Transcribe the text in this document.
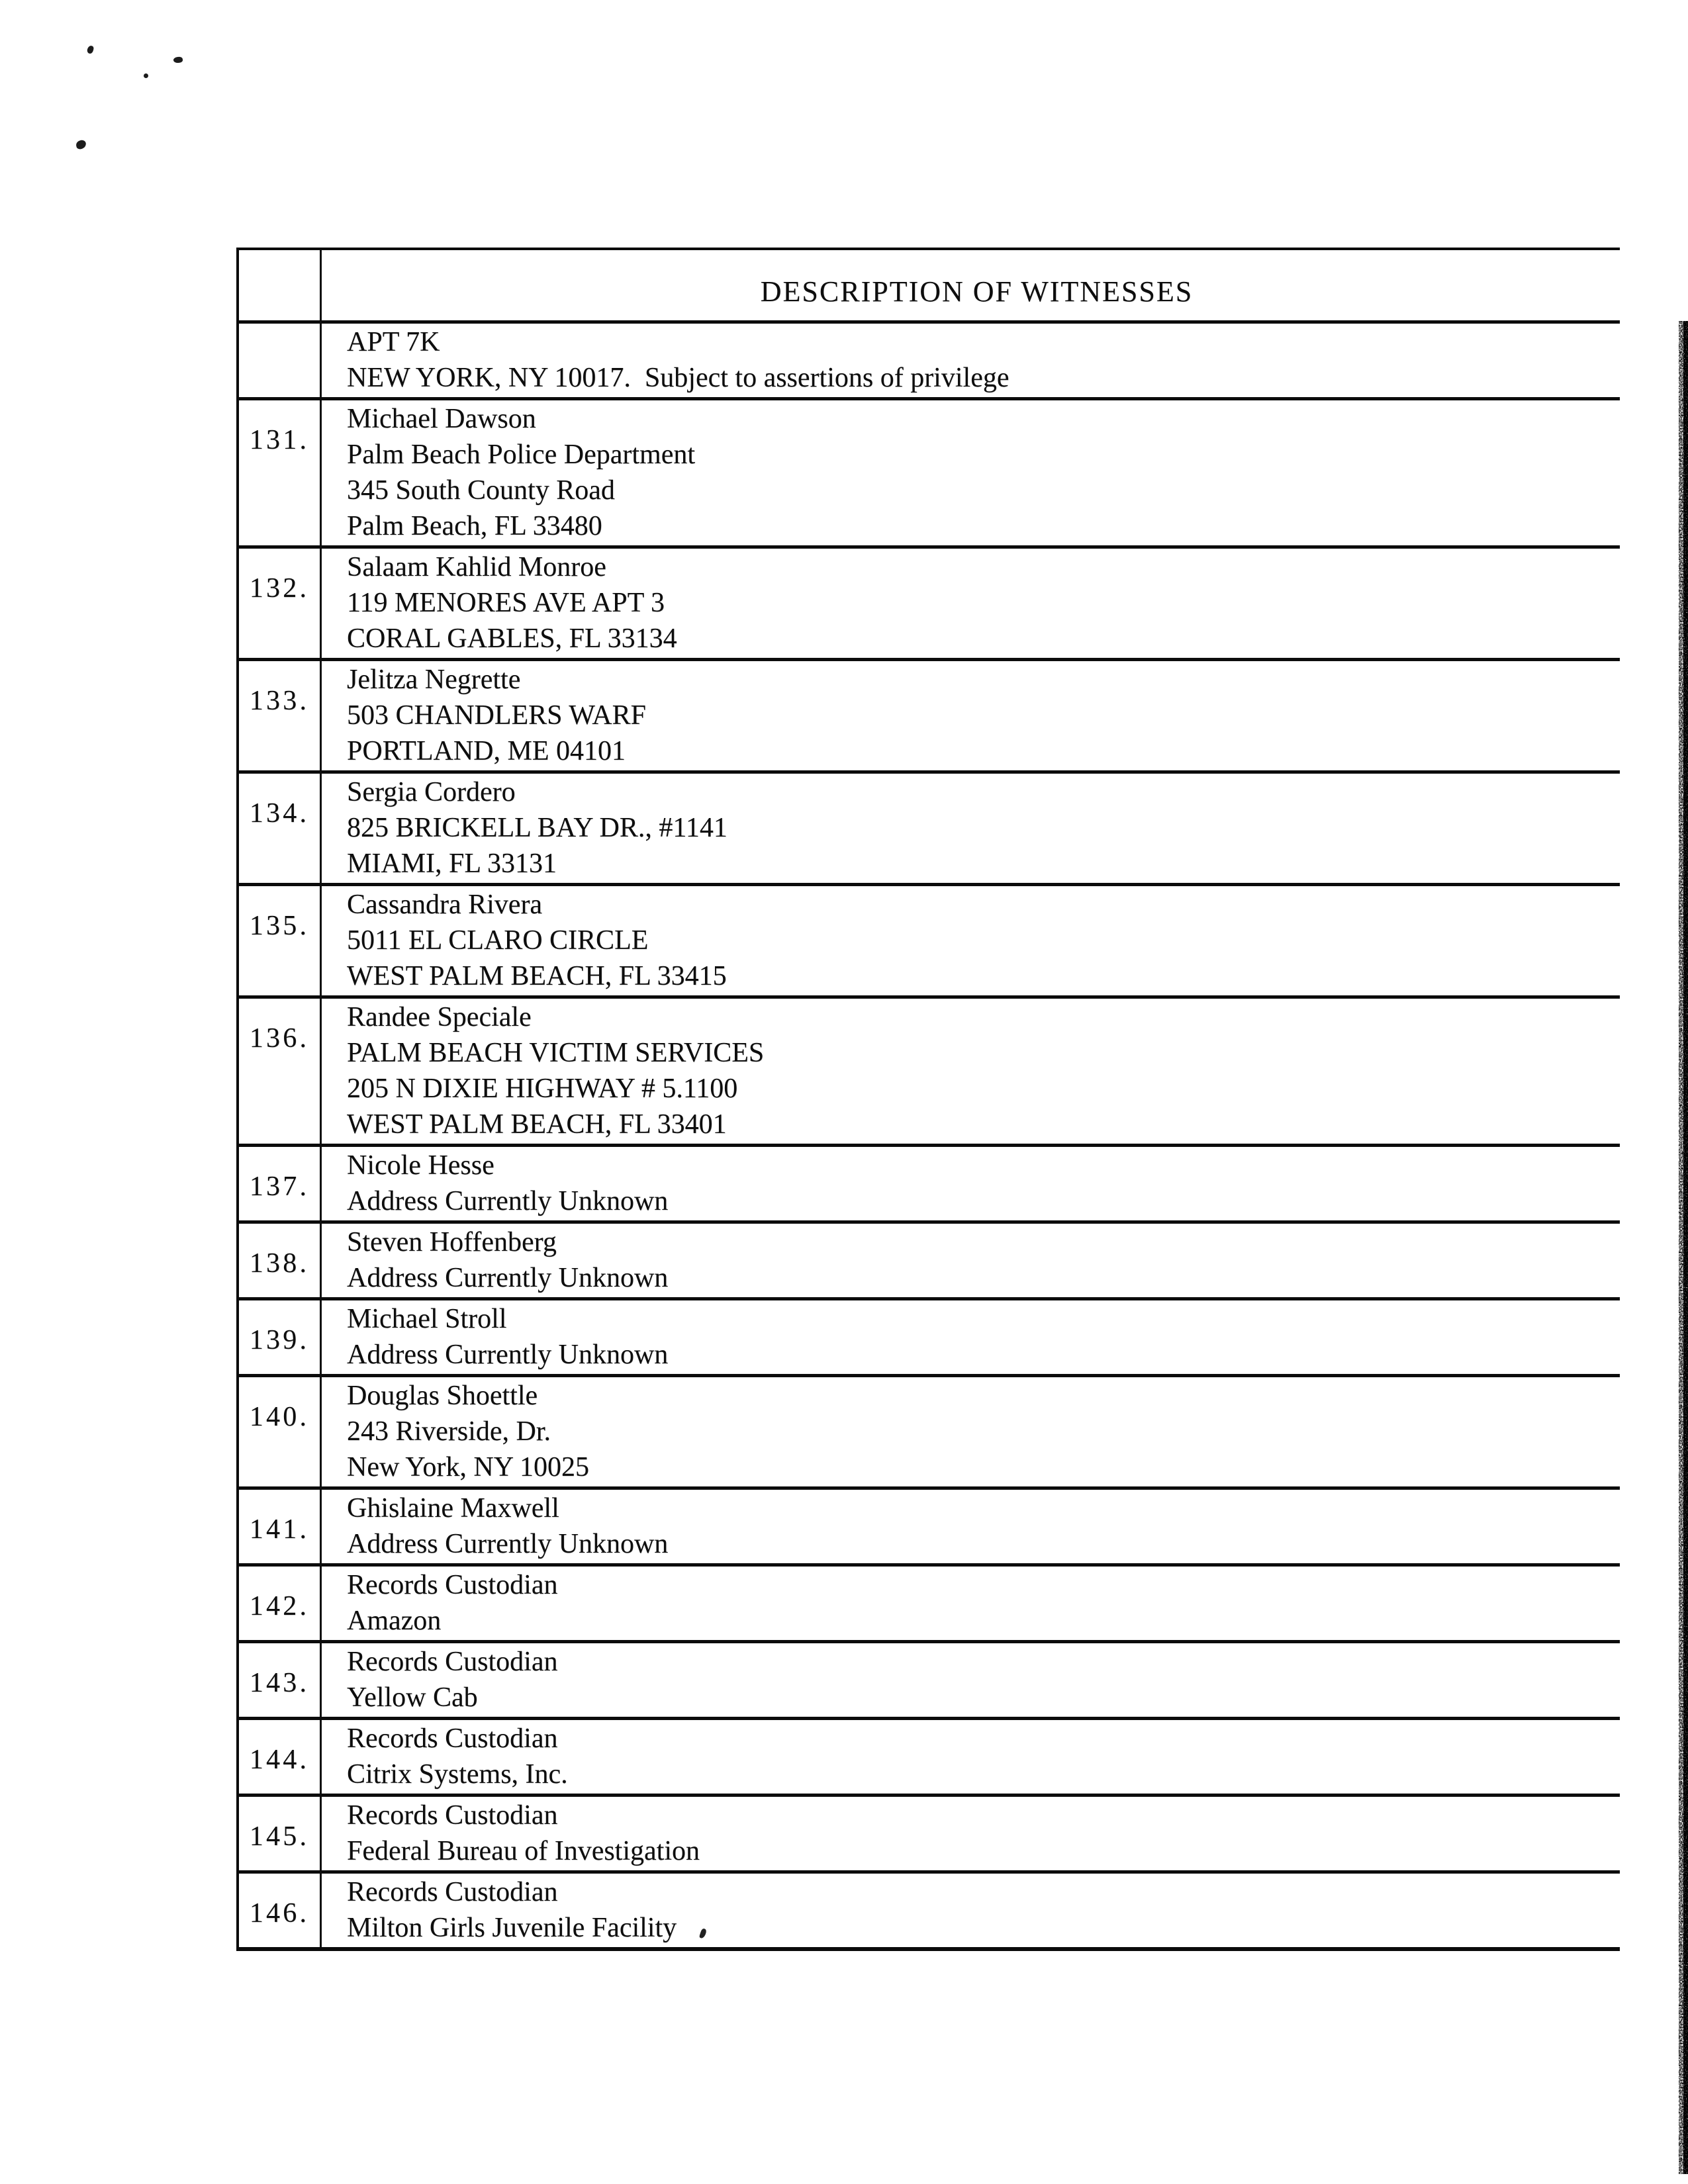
DESCRIPTION OF WITNESSES
APT 7K
NEW YORK, NY 10017.  Subject to assertions of privilege
131.
Michael Dawson
Palm Beach Police Department
345 South County Road
Palm Beach, FL 33480
132.
Salaam Kahlid Monroe
119 MENORES AVE APT 3
CORAL GABLES, FL 33134
133.
Jelitza Negrette
503 CHANDLERS WARF
PORTLAND, ME 04101
134.
Sergia Cordero
825 BRICKELL BAY DR., #1141
MIAMI, FL 33131
135.
Cassandra Rivera
5011 EL CLARO CIRCLE
WEST PALM BEACH, FL 33415
136.
Randee Speciale
PALM BEACH VICTIM SERVICES
205 N DIXIE HIGHWAY # 5.1100
WEST PALM BEACH, FL 33401
137.
Nicole Hesse
Address Currently Unknown
138.
Steven Hoffenberg
Address Currently Unknown
139.
Michael Stroll
Address Currently Unknown
140.
Douglas Shoettle
243 Riverside, Dr.
New York, NY 10025
141.
Ghislaine Maxwell
Address Currently Unknown
142.
Records Custodian
Amazon
143.
Records Custodian
Yellow Cab
144.
Records Custodian
Citrix Systems, Inc.
145.
Records Custodian
Federal Bureau of Investigation
146.
Records Custodian
Milton Girls Juvenile Facility
